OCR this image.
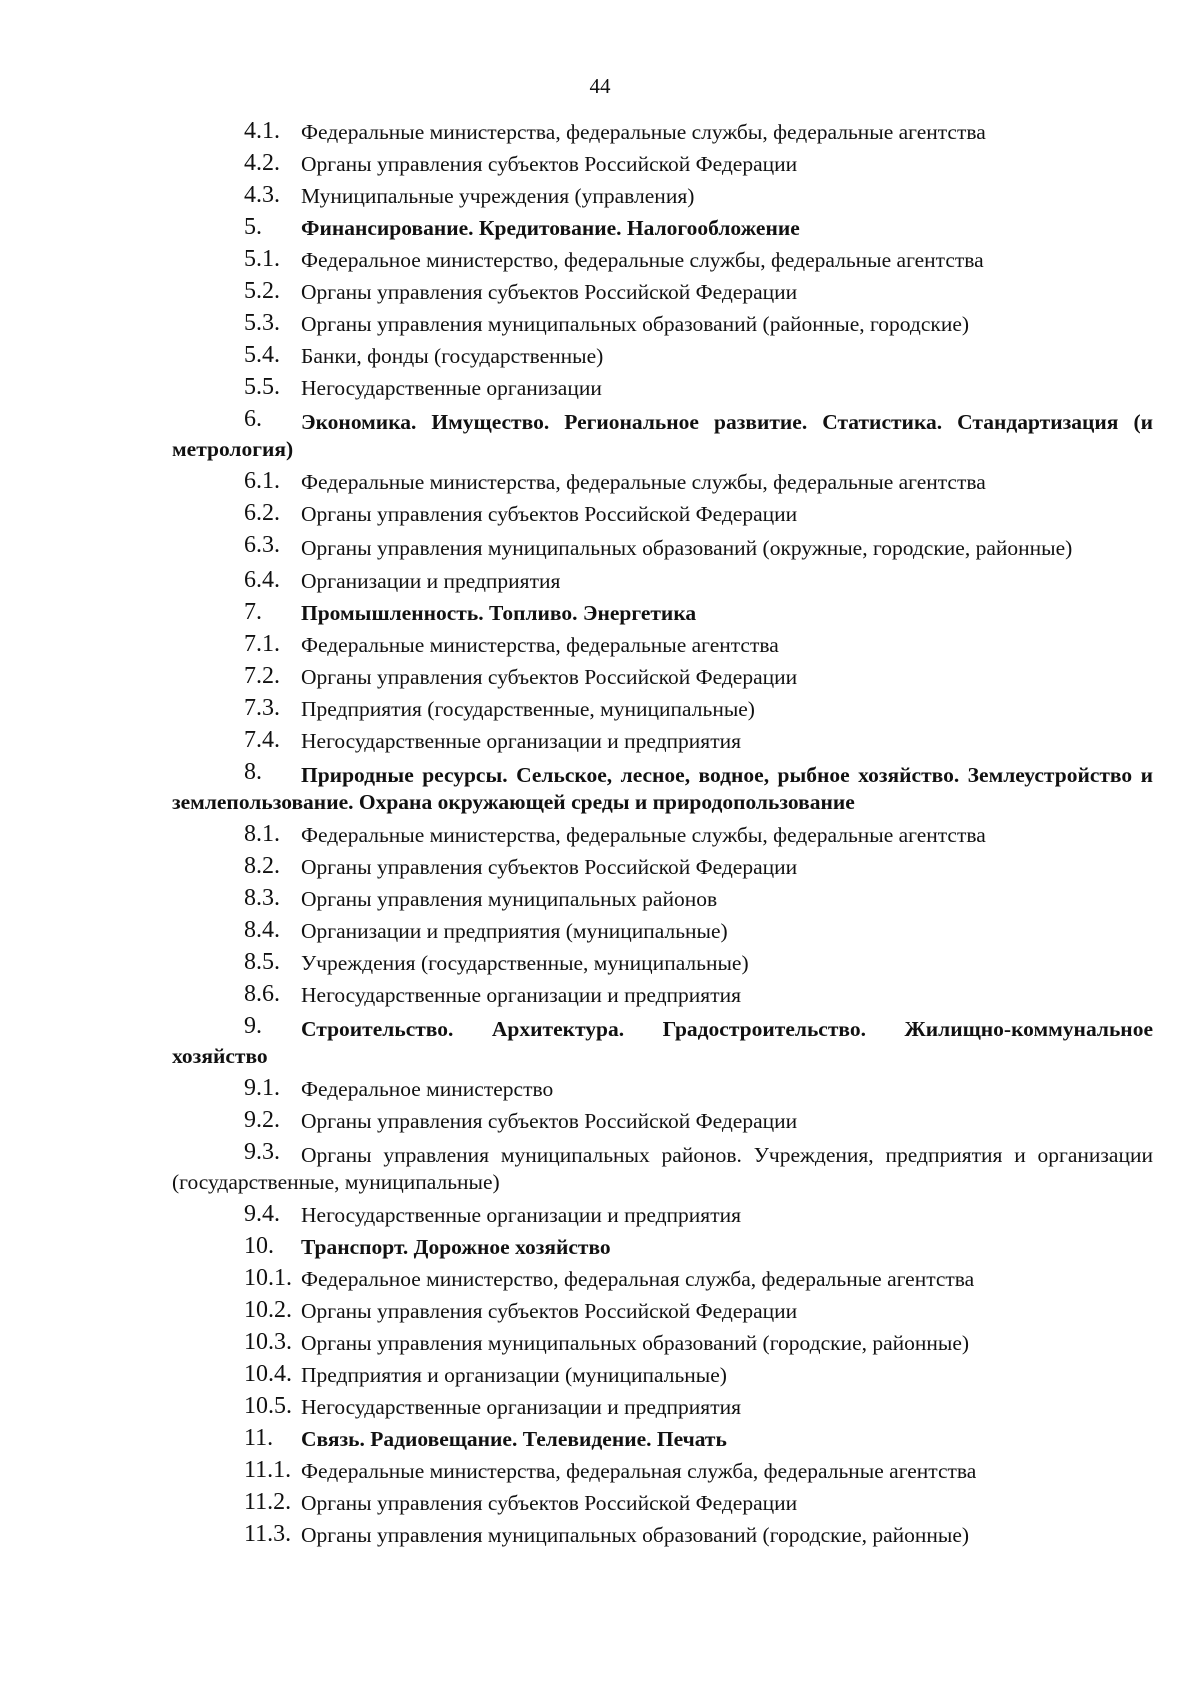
44
4.1. Федеральные министерства, федеральные службы, федеральные агентства
4.2. Органы управления субъектов Российской Федерации
4.3. Муниципальные учреждения (управления)
5. Финансирование. Кредитование. Налогообложение
5.1. Федеральное министерство, федеральные службы, федеральные агентства
5.2. Органы управления субъектов Российской Федерации
5.3. Органы управления муниципальных образований (районные, городские)
5.4. Банки, фонды (государственные)
5.5. Негосударственные организации
6.	Экономика. Имущество. Региональное развитие. Статистика. Стандартизация (и метрология)
6.1. Федеральные министерства, федеральные службы, федеральные агентства
6.2. Органы управления субъектов Российской Федерации
6.3. Органы управления муниципальных образований (окружные, городские, районные)
6.4. Организации и предприятия
7. Промышленность. Топливо. Энергетика
7.1. Федеральные министерства, федеральные агентства
7.2. Органы управления субъектов Российской Федерации
7.3. Предприятия (государственные, муниципальные)
7.4. Негосударственные организации и предприятия
8.	Природные ресурсы. Сельское, лесное, водное, рыбное хозяйство. Землеустройство и землепользование. Охрана окружающей среды и природопользование
8.1. Федеральные министерства, федеральные службы, федеральные агентства
8.2. Органы управления субъектов Российской Федерации
8.3. Органы управления муниципальных районов
8.4. Организации и предприятия (муниципальные)
8.5. Учреждения (государственные, муниципальные)
8.6. Негосударственные организации и предприятия
9.	Строительство. Архитектура. Градостроительство. Жилищно-коммунальное хозяйство
9.1. Федеральное министерство
9.2. Органы управления субъектов Российской Федерации
9.3. Органы управления муниципальных районов. Учреждения, предприятия и организации (государственные, муниципальные)
9.4. Негосударственные организации и предприятия
10. Транспорт. Дорожное хозяйство
10.1. Федеральное министерство, федеральная служба, федеральные агентства
10.2. Органы управления субъектов Российской Федерации
10.3. Органы управления муниципальных образований (городские, районные)
10.4. Предприятия и организации (муниципальные)
10.5. Негосударственные организации и предприятия
11. Связь. Радиовещание. Телевидение. Печать
11.1. Федеральные министерства, федеральная служба, федеральные агентства
11.2. Органы управления субъектов Российской Федерации
11.3. Органы управления муниципальных образований (городские, районные)
